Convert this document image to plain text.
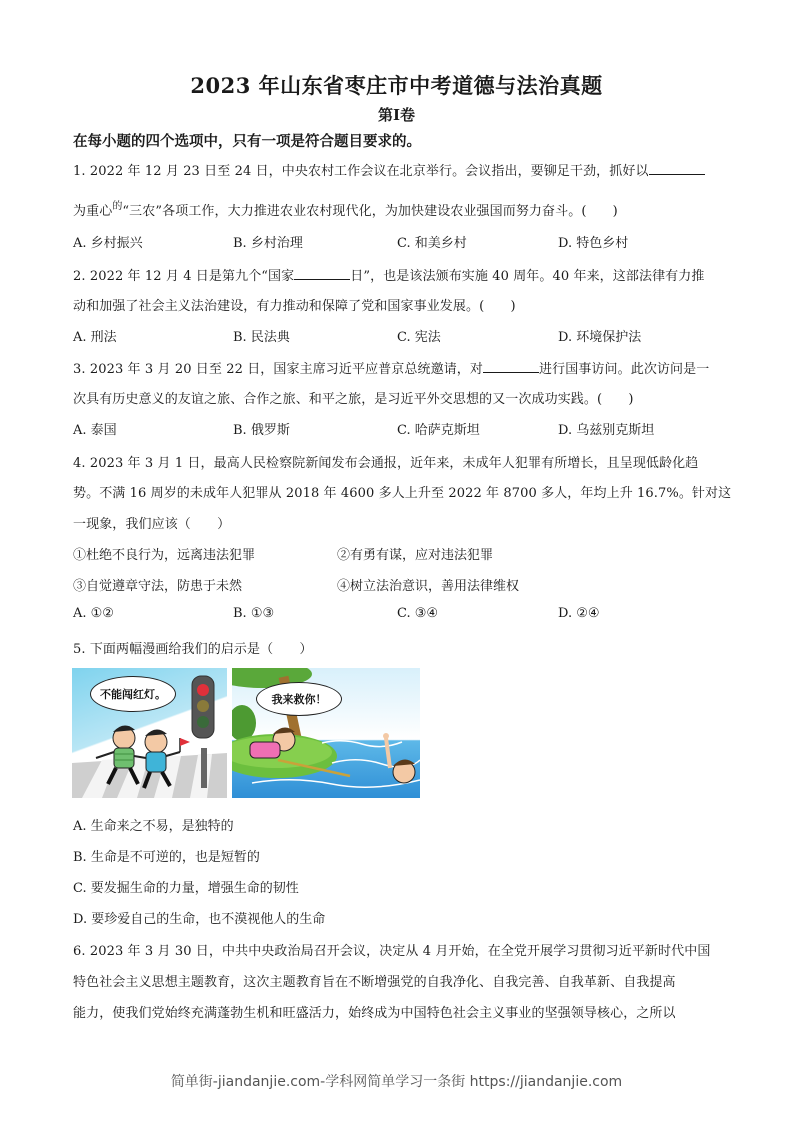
2023 年山东省枣庄市中考道德与法治真题
第Ⅰ卷
在每小题的四个选项中，只有一项是符合题目要求的。
1. 2022 年 12 月 23 日至 24 日，中央农村工作会议在北京举行。会议指出，要铆足干劲，抓好以
为重心$^的$“三农”各项工作，大力推进农业农村现代化，为加快建设农业强国而努力奋斗。(　　)
A. 乡村振兴	B. 乡村治理	C. 和美乡村	D. 特色乡村
2. 2022 年 12 月 4 日是第九个“国家	日”，也是该法颁布实施 40 周年。40 年来，这部法律有力推
动和加强了社会主义法治建设，有力推动和保障了党和国家事业发展。(　　)
A. 刑法	B. 民法典	C. 宪法	D. 环境保护法
3. 2023 年 3 月 20 日至 22 日，国家主席习近平应普京总统邀请，对	进行国事访问。此次访问是一
次具有历史意义的友谊之旅、合作之旅、和平之旅，是习近平外交思想的又一次成功实践。(　　)
A. 泰国	B. 俄罗斯	C. 哈萨克斯坦	D. 乌兹别克斯坦
4. 2023 年 3 月 1 日，最高人民检察院新闻发布会通报，近年来，未成年人犯罪有所增长，且呈现低龄化趋
势。不满 16 周岁的未成年人犯罪从 2018 年 4600 多人上升至 2022 年 8700 多人，年均上升 16.7%。针对这
一现象，我们应该（　　）
①杜绝不良行为，远离违法犯罪	②有勇有谋，应对违法犯罪
③自觉遵章守法，防患于未然	④树立法治意识，善用法律维权
A. ①②	B. ①③	C. ③④	D. ②④
5. 下面两幅漫画给我们的启示是（　　）
不能闯红灯。	我来救你！
A. 生命来之不易，是独特的
B. 生命是不可逆的，也是短暂的
C. 要发掘生命的力量，增强生命的韧性
D. 要珍爱自己的生命，也不漠视他人的生命
6. 2023 年 3 月 30 日，中共中央政治局召开会议，决定从 4 月开始，在全党开展学习贯彻习近平新时代中国
特色社会主义思想主题教育，这次主题教育旨在不断增强党的自我净化、自我完善、自我革新、自我提高
能力，使我们党始终充满蓬勃生机和旺盛活力，始终成为中国特色社会主义事业的坚强领导核心，之所以
简单街-jiandanjie.com-学科网简单学习一条街 https://jiandanjie.com
